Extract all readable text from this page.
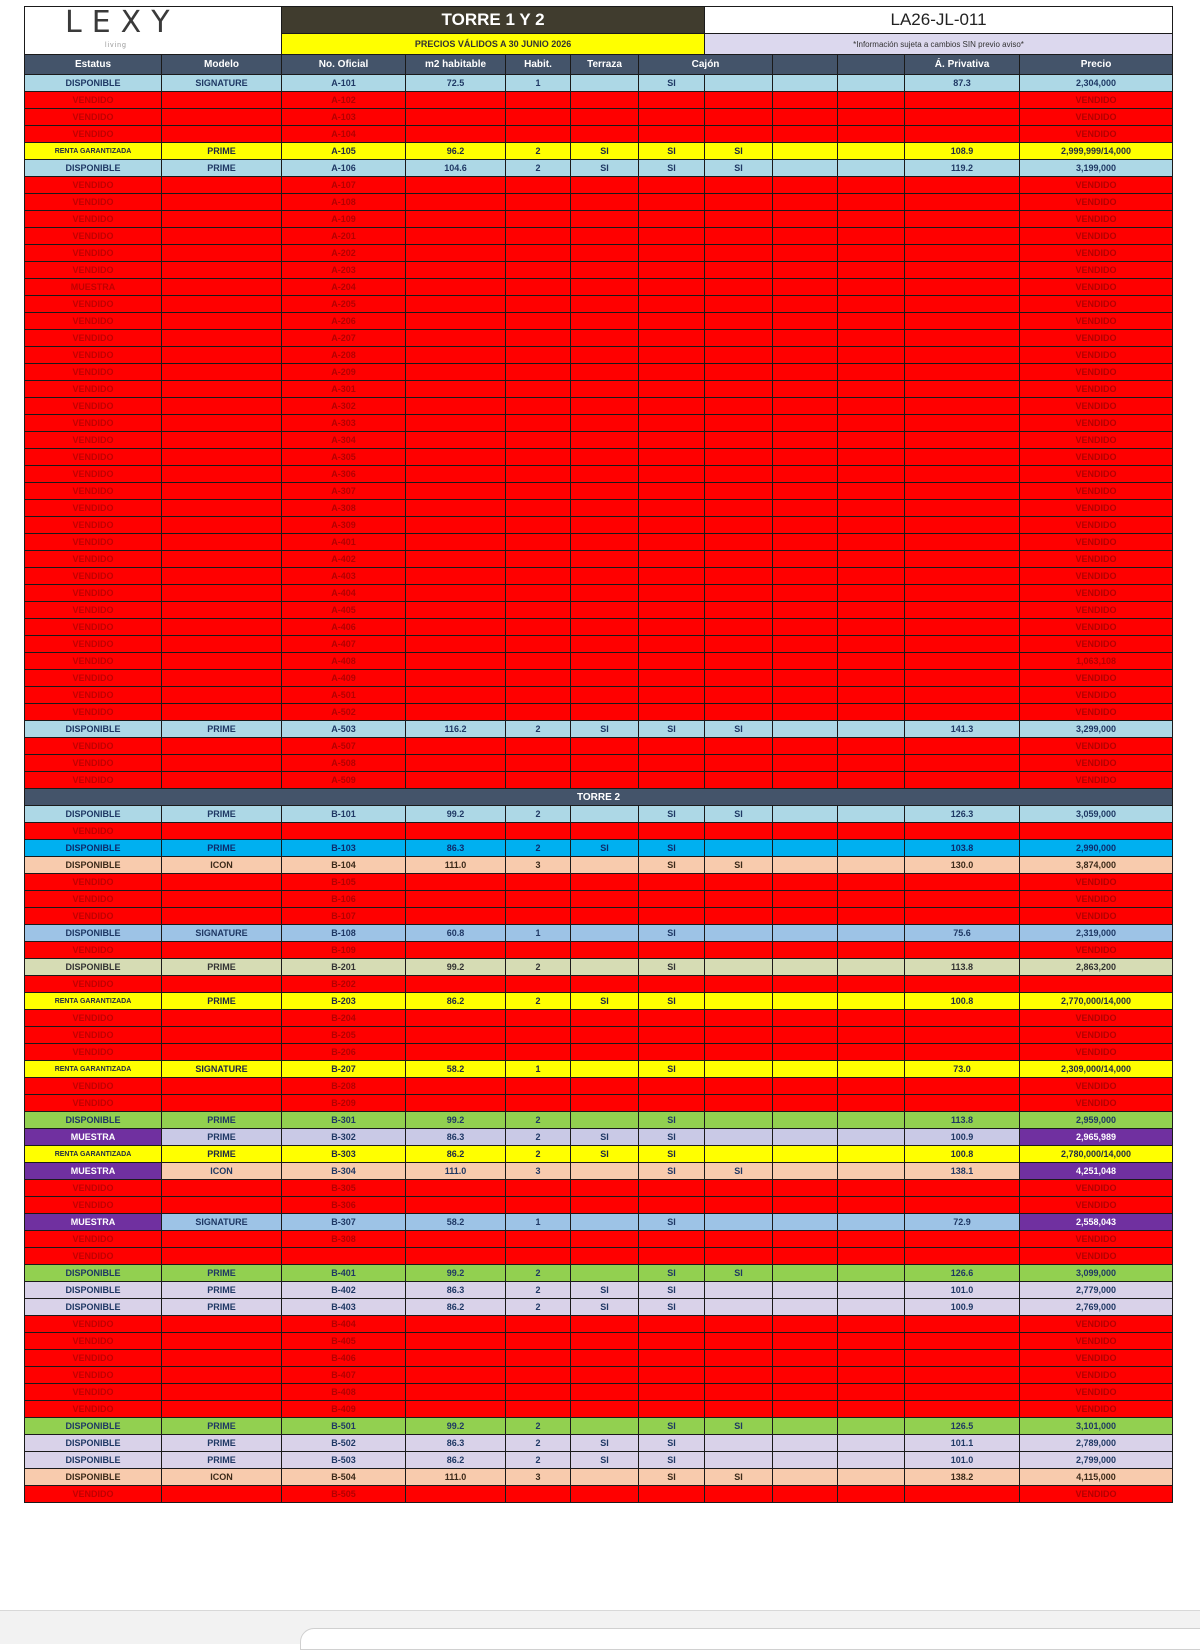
LEXY
living		TORRE 1 Y 2					LA26-JL-011				
		PRECIOS VÁLIDOS A 30 JUNIO 2026					*Información sujeta a cambios SIN previo aviso*				
Estatus	Modelo	No. Oficial	m2 habitable	Habit.	Terraza	Cajón				Á. Privativa	Precio
DISPONIBLE	SIGNATURE	A-101	72.5	1		SI				87.3	2,304,000
VENDIDO		A-102									VENDIDO
VENDIDO		A-103									VENDIDO
VENDIDO		A-104									VENDIDO
RENTA GARANTIZADA	PRIME	A-105	96.2	2	SI	SI	SI			108.9	2,999,999/14,000
DISPONIBLE	PRIME	A-106	104.6	2	SI	SI	SI			119.2	3,199,000
VENDIDO		A-107									VENDIDO
VENDIDO		A-108									VENDIDO
VENDIDO		A-109									VENDIDO
VENDIDO		A-201									VENDIDO
VENDIDO		A-202									VENDIDO
VENDIDO		A-203									VENDIDO
MUESTRA		A-204									VENDIDO
VENDIDO		A-205									VENDIDO
VENDIDO		A-206									VENDIDO
VENDIDO		A-207									VENDIDO
VENDIDO		A-208									VENDIDO
VENDIDO		A-209									VENDIDO
VENDIDO		A-301									VENDIDO
VENDIDO		A-302									VENDIDO
VENDIDO		A-303									VENDIDO
VENDIDO		A-304									VENDIDO
VENDIDO		A-305									VENDIDO
VENDIDO		A-306									VENDIDO
VENDIDO		A-307									VENDIDO
VENDIDO		A-308									VENDIDO
VENDIDO		A-309									VENDIDO
VENDIDO		A-401									VENDIDO
VENDIDO		A-402									VENDIDO
VENDIDO		A-403									VENDIDO
VENDIDO		A-404									VENDIDO
VENDIDO		A-405									VENDIDO
VENDIDO		A-406									VENDIDO
VENDIDO		A-407									VENDIDO
VENDIDO		A-408									1,063,108
VENDIDO		A-409									VENDIDO
VENDIDO		A-501									VENDIDO
VENDIDO		A-502									VENDIDO
DISPONIBLE	PRIME	A-503	116.2	2	SI	SI	SI			141.3	3,299,000
VENDIDO		A-507									VENDIDO
VENDIDO		A-508									VENDIDO
VENDIDO		A-509									VENDIDO
TORRE 2											
DISPONIBLE	PRIME	B-101	99.2	2		SI	SI			126.3	3,059,000
VENDIDO											
DISPONIBLE	PRIME	B-103	86.3	2	SI	SI				103.8	2,990,000
DISPONIBLE	ICON	B-104	111.0	3		SI	SI			130.0	3,874,000
VENDIDO		B-105									VENDIDO
VENDIDO		B-106									VENDIDO
VENDIDO		B-107									VENDIDO
DISPONIBLE	SIGNATURE	B-108	60.8	1		SI				75.6	2,319,000
VENDIDO		B-109									VENDIDO
DISPONIBLE	PRIME	B-201	99.2	2		SI				113.8	2,863,200
VENDIDO		B-202									
RENTA GARANTIZADA	PRIME	B-203	86.2	2	SI	SI				100.8	2,770,000/14,000
VENDIDO		B-204									VENDIDO
VENDIDO		B-205									VENDIDO
VENDIDO		B-206									VENDIDO
RENTA GARANTIZADA	SIGNATURE	B-207	58.2	1		SI				73.0	2,309,000/14,000
VENDIDO		B-208									VENDIDO
VENDIDO		B-209									VENDIDO
DISPONIBLE	PRIME	B-301	99.2	2		SI				113.8	2,959,000
MUESTRA	PRIME	B-302	86.3	2	SI	SI				100.9	2,965,989
RENTA GARANTIZADA	PRIME	B-303	86.2	2	SI	SI				100.8	2,780,000/14,000
MUESTRA	ICON	B-304	111.0	3		SI	SI			138.1	4,251,048
VENDIDO		B-305									VENDIDO
VENDIDO		B-306									VENDIDO
MUESTRA	SIGNATURE	B-307	58.2	1		SI				72.9	2,558,043
VENDIDO		B-308									VENDIDO
VENDIDO											VENDIDO
DISPONIBLE	PRIME	B-401	99.2	2		SI	SI			126.6	3,099,000
DISPONIBLE	PRIME	B-402	86.3	2	SI	SI				101.0	2,779,000
DISPONIBLE	PRIME	B-403	86.2	2	SI	SI				100.9	2,769,000
VENDIDO		B-404									VENDIDO
VENDIDO		B-405									VENDIDO
VENDIDO		B-406									VENDIDO
VENDIDO		B-407									VENDIDO
VENDIDO		B-408									VENDIDO
VENDIDO		B-409									VENDIDO
DISPONIBLE	PRIME	B-501	99.2	2		SI	SI			126.5	3,101,000
DISPONIBLE	PRIME	B-502	86.3	2	SI	SI				101.1	2,789,000
DISPONIBLE	PRIME	B-503	86.2	2	SI	SI				101.0	2,799,000
DISPONIBLE	ICON	B-504	111.0	3		SI	SI			138.2	4,115,000
VENDIDO		B-505									VENDIDO
